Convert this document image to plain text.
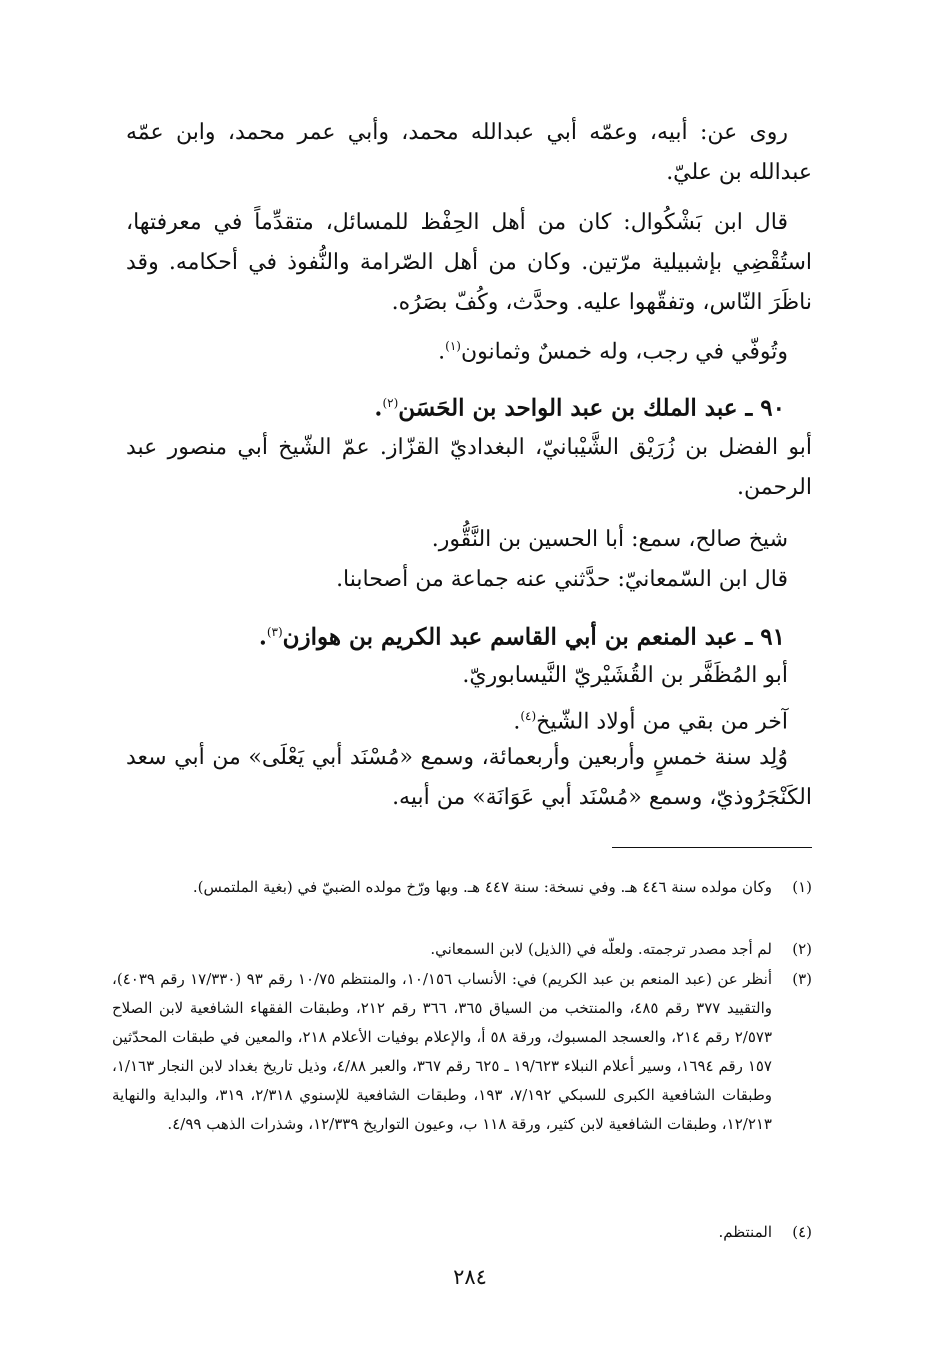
روى عن: أبيه، وعمّه أبي عبدالله محمد، وأبي عمر محمد، وابن عمّه عبدالله بن عليّ.

قال ابن بَشْكُوال: كان من أهل الحِفْظ للمسائل، متقدِّماً في معرفتها، استُقْضِي بإشبيلية مرّتين. وكان من أهل الصّرامة والنُّفوذ في أحكامه. وقد ناظَرَ النّاس، وتفقّهوا عليه. وحدَّث، وكُفّ بصَرُه.

وتُوفّي في رجب، وله خمسٌ وثمانون$^{(١)}$.

٩٠ ـ عبد الملك بن عبد الواحد بن الحَسَن$^{(٢)}$.

أبو الفضل بن زُرَيْق الشَّيْبانيّ، البغداديّ القزّاز. عمّ الشّيخ أبي منصور عبد الرحمن.

شيخ صالح، سمع: أبا الحسين بن النَّقُّور.

قال ابن السّمعانيّ: حدَّثني عنه جماعة من أصحابنا.

٩١ ـ عبد المنعم بن أبي القاسم عبد الكريم بن هوازن$^{(٣)}$.

أبو المُظَفَّر بن القُشَيْريّ النَّيسابوريّ.

آخر من بقي من أولاد الشّيخ$^{(٤)}$.

وُلِد سنة خمسٍ وأربعين وأربعمائة، وسمع «مُسْنَد أبي يَعْلَى» من أبي سعد الكَنْجَرُوذيّ، وسمع «مُسْنَد أبي عَوَانَة» من أبيه.

(١)
وكان مولده سنة ٤٤٦ هـ. وفي نسخة: سنة ٤٤٧ هـ. وبها ورّخ مولده الضبيّ في (بغية الملتمس).
(٢)
لم أجد مصدر ترجمته. ولعلّه في (الذيل) لابن السمعاني.
(٣)
أنظر عن (عبد المنعم بن عبد الكريم) في: الأنساب ١٠/١٥٦، والمنتظم ١٠/٧٥ رقم ٩٣ (١٧/٣٣٠ رقم ٤٠٣٩)، والتقييد ٣٧٧ رقم ٤٨٥، والمنتخب من السياق ٣٦٥، ٣٦٦ رقم ٢١٢، وطبقات الفقهاء الشافعية لابن الصلاح ٢/٥٧٣ رقم ٢١٤، والعسجد المسبوك، ورقة ٥٨ أ، والإعلام بوفيات الأعلام ٢١٨، والمعين في طبقات المحدّثين ١٥٧ رقم ١٦٩٤، وسير أعلام النبلاء ١٩/٦٢٣ ـ ٦٢٥ رقم ٣٦٧، والعبر ٤/٨٨، وذيل تاريخ بغداد لابن النجار ١/١٦٣، وطبقات الشافعية الكبرى للسبكي ٧/١٩٢، ١٩٣، وطبقات الشافعية للإسنوي ٢/٣١٨، ٣١٩، والبداية والنهاية ١٢/٢١٣، وطبقات الشافعية لابن كثير، ورقة ١١٨ ب، وعيون التواريخ ١٢/٣٣٩، وشذرات الذهب ٤/٩٩.
(٤)
المنتظم.
٢٨٤
